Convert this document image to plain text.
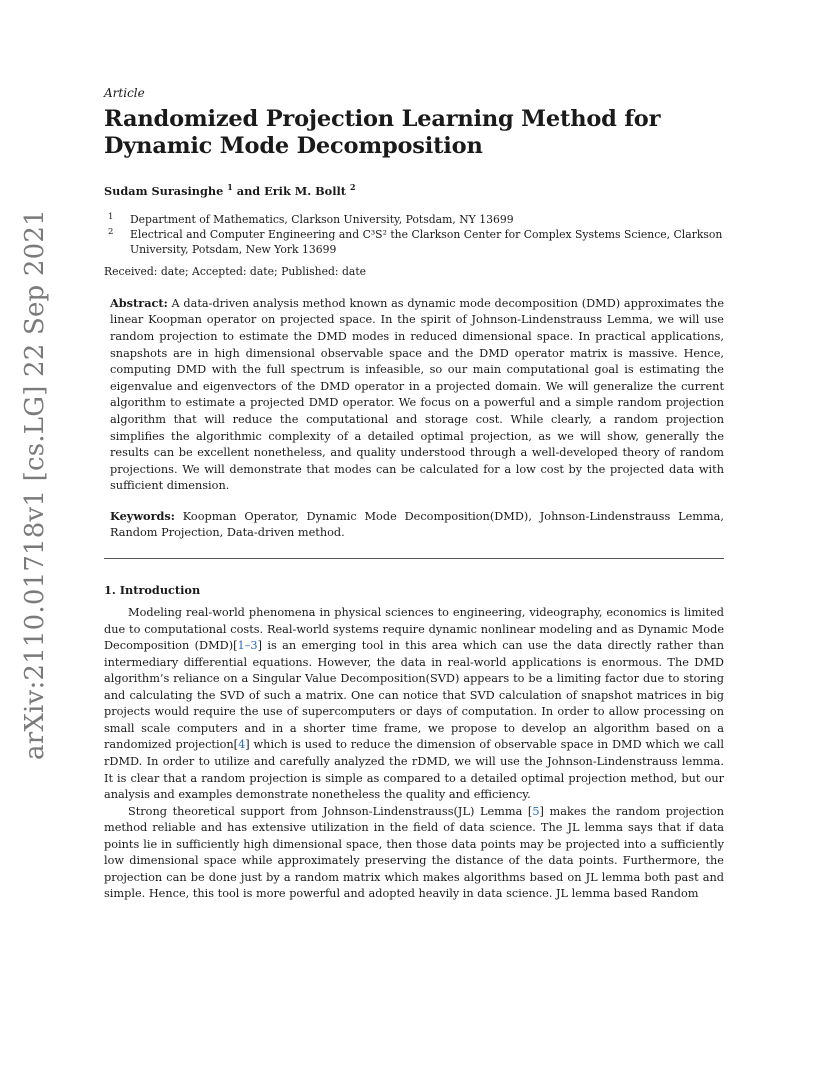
arXiv:2110.01718v1 [cs.LG] 22 Sep 2021
Article
Randomized Projection Learning Method for Dynamic Mode Decomposition
Sudam Surasinghe $^1$ and Erik M. Bollt $^2$
1	Department of Mathematics, Clarkson University, Potsdam, NY 13699
2	Electrical and Computer Engineering and C³S² the Clarkson Center for Complex Systems Science, Clarkson University, Potsdam, New York 13699
Received: date; Accepted: date; Published: date

Abstract: A data-driven analysis method known as dynamic mode decomposition (DMD) approximates the linear Koopman operator on projected space. In the spirit of Johnson-Lindenstrauss Lemma, we will use random projection to estimate the DMD modes in reduced dimensional space. In practical applications, snapshots are in high dimensional observable space and the DMD operator matrix is massive. Hence, computing DMD with the full spectrum is infeasible, so our main computational goal is estimating the eigenvalue and eigenvectors of the DMD operator in a projected domain. We will generalize the current algorithm to estimate a projected DMD operator. We focus on a powerful and a simple random projection algorithm that will reduce the computational and storage cost. While clearly, a random projection simplifies the algorithmic complexity of a detailed optimal projection, as we will show, generally the results can be excellent nonetheless, and quality understood through a well-developed theory of random projections. We will demonstrate that modes can be calculated for a low cost by the projected data with sufficient dimension.

Keywords: Koopman Operator, Dynamic Mode Decomposition(DMD), Johnson-Lindenstrauss Lemma, Random Projection, Data-driven method.

1. Introduction

Modeling real-world phenomena in physical sciences to engineering, videography, economics is limited due to computational costs. Real-world systems require dynamic nonlinear modeling and as Dynamic Mode Decomposition (DMD)[1–3] is an emerging tool in this area which can use the data directly rather than intermediary differential equations. However, the data in real-world applications is enormous. The DMD algorithm’s reliance on a Singular Value Decomposition(SVD) appears to be a limiting factor due to storing and calculating the SVD of such a matrix. One can notice that SVD calculation of snapshot matrices in big projects would require the use of supercomputers or days of computation. In order to allow processing on small scale computers and in a shorter time frame, we propose to develop an algorithm based on a randomized projection[4] which is used to reduce the dimension of observable space in DMD which we call rDMD. In order to utilize and carefully analyzed the rDMD, we will use the Johnson-Lindenstrauss lemma. It is clear that a random projection is simple as compared to a detailed optimal projection method, but our analysis and examples demonstrate nonetheless the quality and efficiency.

Strong theoretical support from Johnson-Lindenstrauss(JL) Lemma [5] makes the random projection method reliable and has extensive utilization in the field of data science. The JL lemma says that if data points lie in sufficiently high dimensional space, then those data points may be projected into a sufficiently low dimensional space while approximately preserving the distance of the data points. Furthermore, the projection can be done just by a random matrix which makes algorithms based on JL lemma both past and simple. Hence, this tool is more powerful and adopted heavily in data science. JL lemma based Random
